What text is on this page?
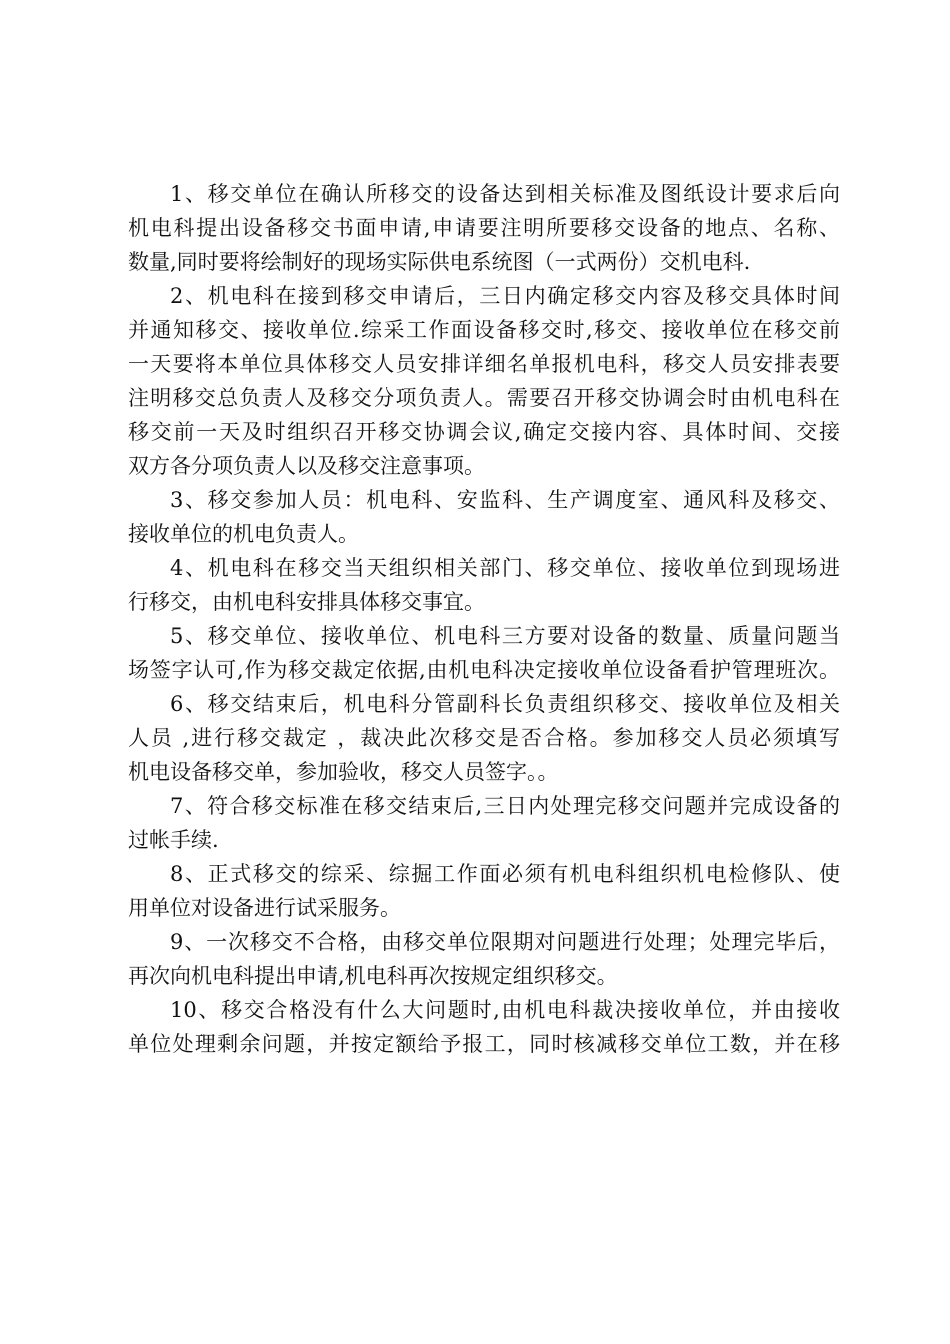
1、移交单位在确认所移交的设备达到相关标准及图纸设计要求后向
机电科提出设备移交书面申请,申请要注明所要移交设备的地点、名称、
数量,同时要将绘制好的现场实际供电系统图（一式两份）交机电科.
2、机电科在接到移交申请后，三日内确定移交内容及移交具体时间
并通知移交、接收单位.综采工作面设备移交时,移交、接收单位在移交前
一天要将本单位具体移交人员安排详细名单报机电科，移交人员安排表要
注明移交总负责人及移交分项负责人。需要召开移交协调会时由机电科在
移交前一天及时组织召开移交协调会议,确定交接内容、具体时间、交接
双方各分项负责人以及移交注意事项。
3、移交参加人员：机电科、安监科、生产调度室、通风科及移交、
接收单位的机电负责人。
4、机电科在移交当天组织相关部门、移交单位、接收单位到现场进
行移交，由机电科安排具体移交事宜。
5、移交单位、接收单位、机电科三方要对设备的数量、质量问题当
场签字认可,作为移交裁定依据,由机电科决定接收单位设备看护管理班次。
6、移交结束后，机电科分管副科长负责组织移交、接收单位及相关
人员 ,进行移交裁定 ，裁决此次移交是否合格。参加移交人员必须填写
机电设备移交单，参加验收，移交人员签字。。
7、符合移交标准在移交结束后,三日内处理完移交问题并完成设备的
过帐手续.
8、正式移交的综采、综掘工作面必须有机电科组织机电检修队、使
用单位对设备进行试采服务。
9、一次移交不合格，由移交单位限期对问题进行处理；处理完毕后，
再次向机电科提出申请,机电科再次按规定组织移交。
10、移交合格没有什么大问题时,由机电科裁决接收单位，并由接收
单位处理剩余问题，并按定额给予报工，同时核减移交单位工数，并在移
